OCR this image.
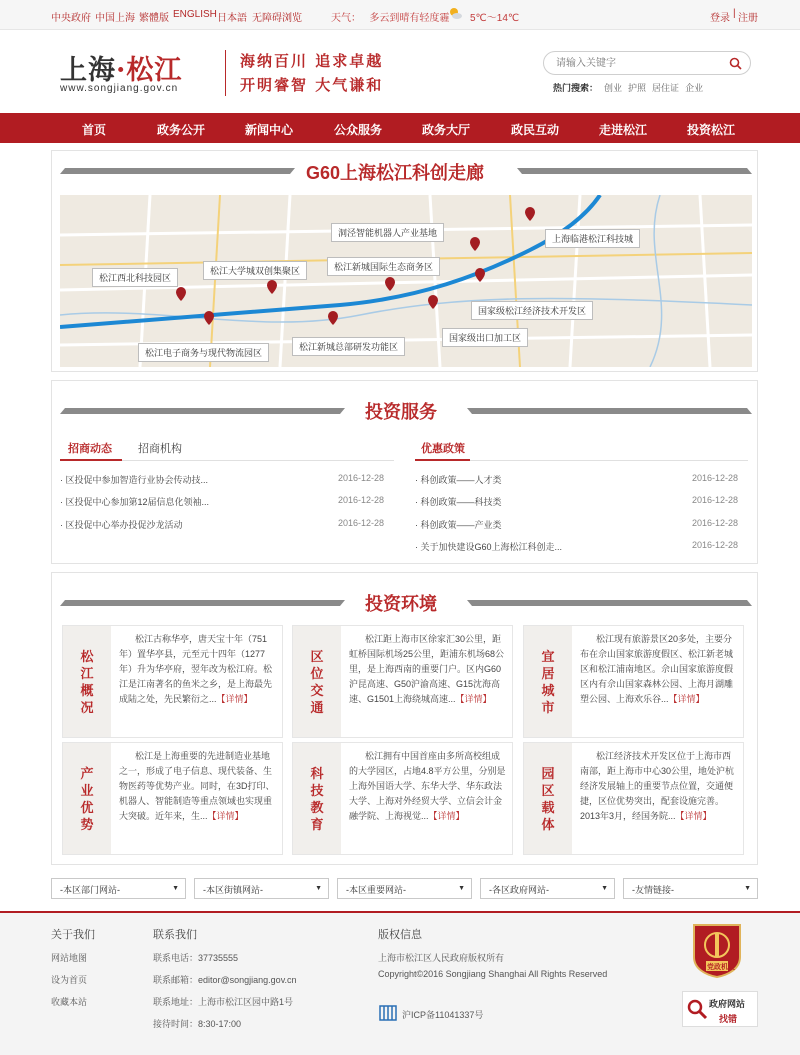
中央政府 中国上海 繁體版 ENGLISH 日本語 无障碍浏览	天气： 多云到晴有轻度霾 5℃～14℃	登录 | 注册
上海·松江
www.songjiang.gov.cn
海纳百川 追求卓越
开明睿智 大气谦和
请输入关键字	热门搜索： 创业 护照 居住证 企业
首页	政务公开	新闻中心	公众服务	政务大厅	政民互动	走进松江	投资松江
G60上海松江科创走廊
洞泾智能机器人产业基地
上海临港松江科技城
松江大学城双创集聚区	松江新城国际生态商务区
松江西北科技园区
国家级松江经济技术开发区
国家级出口加工区
松江新城总部研发功能区
松江电子商务与现代物流园区
投资服务
招商动态 招商机构
· 区投促中参加智造行业协会传动技...	2016-12-28
· 区投促中心参加第12届信息化领袖...	2016-12-28
· 区投促中心举办投促沙龙活动	2016-12-28
优惠政策
· 科创政策——人才类	2016-12-28
· 科创政策——科技类	2016-12-28
· 科创政策——产业类	2016-12-28
· 关于加快建设G60上海松江科创走...	2016-12-28
投资环境
松
江
概
况
松江古称华亭，唐天宝十年（751年）置华亭县，元至元十四年（1277年）升为华亭府，翌年改为松江府。松江是江南著名的鱼米之乡，是上海最先成陆之处，先民繁衍之...【详情】
区
位
交
通
松江距上海市区徐家汇30公里，距虹桥国际机场25公里，距浦东机场68公里，是上海西南的重要门户。区内G60沪昆高速、G50沪渝高速、G15沈海高速、G1501上海绕城高速...【详情】
宜
居
城
市
松江现有旅游景区20多处，主要分布在佘山国家旅游度假区、松江新老城区和松江浦南地区。佘山国家旅游度假区内有佘山国家森林公园、上海月湖雕塑公园、上海欢乐谷...【详情】
产
业
优
势
松江是上海重要的先进制造业基地之一，形成了电子信息、现代装备、生物医药等优势产业。同时，在3D打印、机器人、智能制造等重点领域也实现重大突破。近年来，生...【详情】
科
技
教
育
松江拥有中国首座由多所高校组成的大学园区，占地4.8平方公里，分别是上海外国语大学、东华大学、华东政法大学、上海对外经贸大学、立信会计金融学院、上海视觉...【详情】
园
区
载
体
松江经济技术开发区位于上海市西南部，距上海市中心30公里，地处沪杭经济发展轴上的重要节点位置，交通便捷，区位优势突出，配套设施完善。2013年3月，经国务院...【详情】
-本区部门网站-	▼	-本区街镇网站-	▼	-本区重要网站-	▼	-各区政府网站-	▼	-友情链接-	▼
关于我们
网站地图
设为首页
收藏本站
联系我们
联系电话：37735555
联系邮箱：editor@songjiang.gov.cn
联系地址：上海市松江区园中路1号
接待时间：8:30-17:00
版权信息
上海市松江区人民政府版权所有
Copyright©2016 Songjiang Shanghai All Rights Reserved
沪ICP备11041337号
党政机关
政府网站
找错
